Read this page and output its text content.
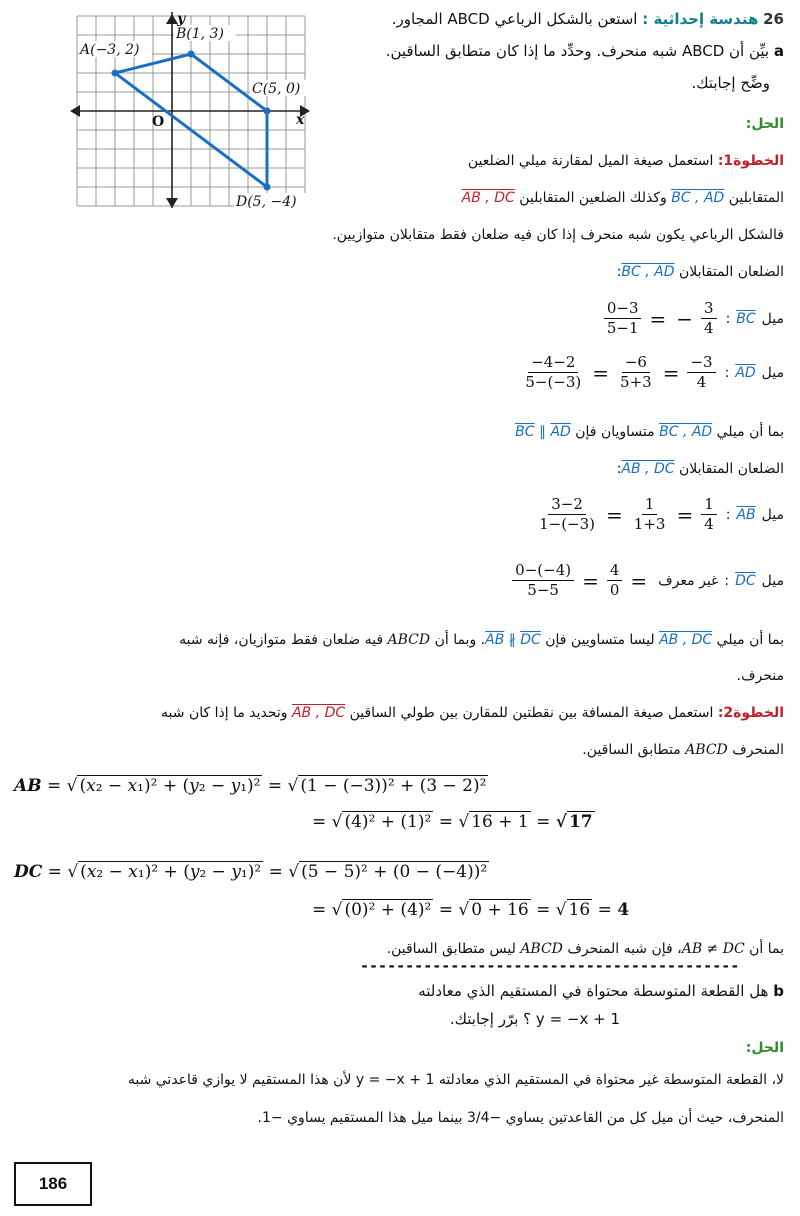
A(−3, 2)
B(1, 3)
C(5, 0)
D(5, −4)
x
y
O
26 هندسة إحداثية : استعن بالشكل الرباعي ABCD المجاور.
a بيِّن أن ABCD شبه منحرف. وحدِّد ما إذا كان متطابق الساقين.
وضِّح إجابتك.
الحل:
الخطوة1: استعمل صيغة الميل لمقارنة ميلي الضلعين
المتقابلين BC , AD وكذلك الضلعين المتقابلين AB , DC
فالشكل الرباعي يكون شبه منحرف إذا كان فيه ضلعان فقط متقابلان متوازيين.
الضلعان المتقابلان BC , AD:
ميل
BC
:
$\frac{0-3}{5-1}$ = − $\frac{3}{4}$
ميل
AD
:
$\frac{-4-2}{5-(-3)} = \frac{-6}{5+3} = \frac{-3}{4}$
بما أن ميلي BC , AD متساويان فإن BC ∥ AD
الضلعان المتقابلان AB , DC:
ميل
AB
:
$\frac{3-2}{1-(-3)} = \frac{1}{1+3} = \frac{1}{4}$
ميل
DC
:
غير معرف
$\frac{0-(-4)}{5-5} = \frac{4}{0}$ =
بما أن ميلي AB , DC ليسا متساويين فإن AB ∦ DC. وبما أن ABCD فيه ضلعان فقط متوازيان، فإنه شبه
منحرف.
الخطوة2: استعمل صيغة المسافة بين نقطتين للمقارن بين طولي الساقين AB , DC وتحديد ما إذا كان شبه
المنحرف ABCD متطابق الساقين.
AB = √ (x₂ − x₁)² + (y₂ − y₁)² = √ (1 − (−3))² + (3 − 2)²
= √ (4)² + (1)² = √ 16 + 1 = √ 17
DC = √ (x₂ − x₁)² + (y₂ − y₁)² = √ (5 − 5)² + (0 − (−4))²
= √ (0)² + (4)² = √ 0 + 16 = √ 16 = 4
بما أن AB ≠ DC، فإن شبه المنحرف ABCD ليس متطابق الساقين.
------------------------------------------
b هل القطعة المتوسطة محتواة في المستقيم الذي معادلته
y = −x + 1 ؟ برّر إجابتك.
الحل:
لا، القطعة المتوسطة غير محتواة في المستقيم الذي معادلته y = −x + 1 لأن هذا المستقيم لا يوازي قاعدتي شبه
المنحرف، حيث أن ميل كل من القاعدتين يساوي −3/4 بينما ميل هذا المستقيم يساوي −1.
186
